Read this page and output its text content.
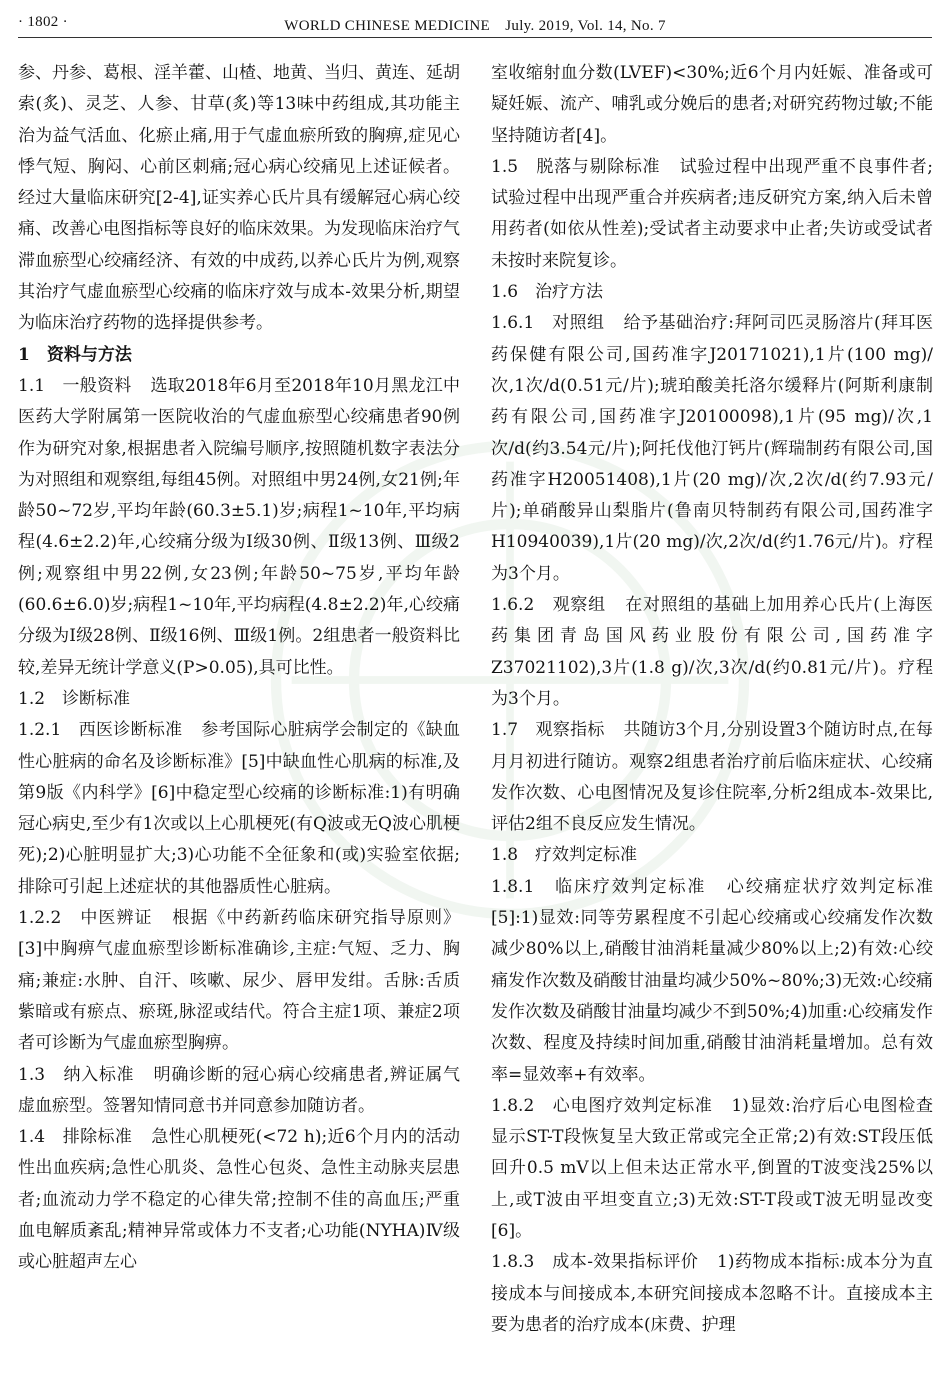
· 1802 ·	WORLD CHINESE MEDICINE　July. 2019, Vol. 14, No. 7

参、丹参、葛根、淫羊藿、山楂、地黄、当归、黄连、延胡索(炙)、灵芝、人参、甘草(炙)等13味中药组成,其功能主治为益气活血、化瘀止痛,用于气虚血瘀所致的胸痹,症见心悸气短、胸闷、心前区刺痛;冠心病心绞痛见上述证候者。经过大量临床研究[2-4],证实养心氏片具有缓解冠心病心绞痛、改善心电图指标等良好的临床效果。为发现临床治疗气滞血瘀型心绞痛经济、有效的中成药,以养心氏片为例,观察其治疗气虚血瘀型心绞痛的临床疗效与成本-效果分析,期望为临床治疗药物的选择提供参考。

1　资料与方法

1.1　一般资料 选取2018年6月至2018年10月黑龙江中医药大学附属第一医院收治的气虚血瘀型心绞痛患者90例作为研究对象,根据患者入院编号顺序,按照随机数字表法分为对照组和观察组,每组45例。对照组中男24例,女21例;年龄50~72岁,平均年龄(60.3±5.1)岁;病程1~10年,平均病程(4.6±2.2)年,心绞痛分级为Ⅰ级30例、Ⅱ级13例、Ⅲ级2例;观察组中男22例,女23例;年龄50~75岁,平均年龄(60.6±6.0)岁;病程1~10年,平均病程(4.8±2.2)年,心绞痛分级为Ⅰ级28例、Ⅱ级16例、Ⅲ级1例。2组患者一般资料比较,差异无统计学意义(P>0.05),具可比性。

1.2　诊断标准

1.2.1　西医诊断标准 参考国际心脏病学会制定的《缺血性心脏病的命名及诊断标准》[5]中缺血性心肌病的标准,及第9版《内科学》[6]中稳定型心绞痛的诊断标准:1)有明确冠心病史,至少有1次或以上心肌梗死(有Q波或无Q波心肌梗死);2)心脏明显扩大;3)心功能不全征象和(或)实验室依据;排除可引起上述症状的其他器质性心脏病。

1.2.2　中医辨证 根据《中药新药临床研究指导原则》[3]中胸痹气虚血瘀型诊断标准确诊,主症:气短、乏力、胸痛;兼症:水肿、自汗、咳嗽、尿少、唇甲发绀。舌脉:舌质紫暗或有瘀点、瘀斑,脉涩或结代。符合主症1项、兼症2项者可诊断为气虚血瘀型胸痹。

1.3　纳入标准 明确诊断的冠心病心绞痛患者,辨证属气虚血瘀型。签署知情同意书并同意参加随访者。

1.4　排除标准 急性心肌梗死(<72 h);近6个月内的活动性出血疾病;急性心肌炎、急性心包炎、急性主动脉夹层患者;血流动力学不稳定的心律失常;控制不佳的高血压;严重血电解质紊乱;精神异常或体力不支者;心功能(NYHA)Ⅳ级或心脏超声左心

室收缩射血分数(LVEF)<30%;近6个月内妊娠、准备或可疑妊娠、流产、哺乳或分娩后的患者;对研究药物过敏;不能坚持随访者[4]。

1.5　脱落与剔除标准 试验过程中出现严重不良事件者;试验过程中出现严重合并疾病者;违反研究方案,纳入后未曾用药者(如依从性差);受试者主动要求中止者;失访或受试者未按时来院复诊。

1.6　治疗方法

1.6.1　对照组 给予基础治疗:拜阿司匹灵肠溶片(拜耳医药保健有限公司,国药准字J20171021),1片(100 mg)/次,1次/d(0.51元/片);琥珀酸美托洛尔缓释片(阿斯利康制药有限公司,国药准字J20100098),1片(95 mg)/次,1次/d(约3.54元/片);阿托伐他汀钙片(辉瑞制药有限公司,国药准字H20051408),1片(20 mg)/次,2次/d(约7.93元/片);单硝酸异山梨脂片(鲁南贝特制药有限公司,国药准字H10940039),1片(20 mg)/次,2次/d(约1.76元/片)。疗程为3个月。

1.6.2　观察组 在对照组的基础上加用养心氏片(上海医药集团青岛国风药业股份有限公司,国药准字Z37021102),3片(1.8 g)/次,3次/d(约0.81元/片)。疗程为3个月。

1.7　观察指标 共随访3个月,分别设置3个随访时点,在每月月初进行随访。观察2组患者治疗前后临床症状、心绞痛发作次数、心电图情况及复诊住院率,分析2组成本-效果比,评估2组不良反应发生情况。

1.8　疗效判定标准

1.8.1　临床疗效判定标准 心绞痛症状疗效判定标准[5]:1)显效:同等劳累程度不引起心绞痛或心绞痛发作次数减少80%以上,硝酸甘油消耗量减少80%以上;2)有效:心绞痛发作次数及硝酸甘油量均减少50%~80%;3)无效:心绞痛发作次数及硝酸甘油量均减少不到50%;4)加重:心绞痛发作次数、程度及持续时间加重,硝酸甘油消耗量增加。总有效率=显效率+有效率。

1.8.2　心电图疗效判定标准 1)显效:治疗后心电图检查显示ST-T段恢复呈大致正常或完全正常;2)有效:ST段压低回升0.5 mV以上但未达正常水平,倒置的T波变浅25%以上,或T波由平坦变直立;3)无效:ST-T段或T波无明显改变[6]。

1.8.3　成本-效果指标评价 1)药物成本指标:成本分为直接成本与间接成本,本研究间接成本忽略不计。直接成本主要为患者的治疗成本(床费、护理
